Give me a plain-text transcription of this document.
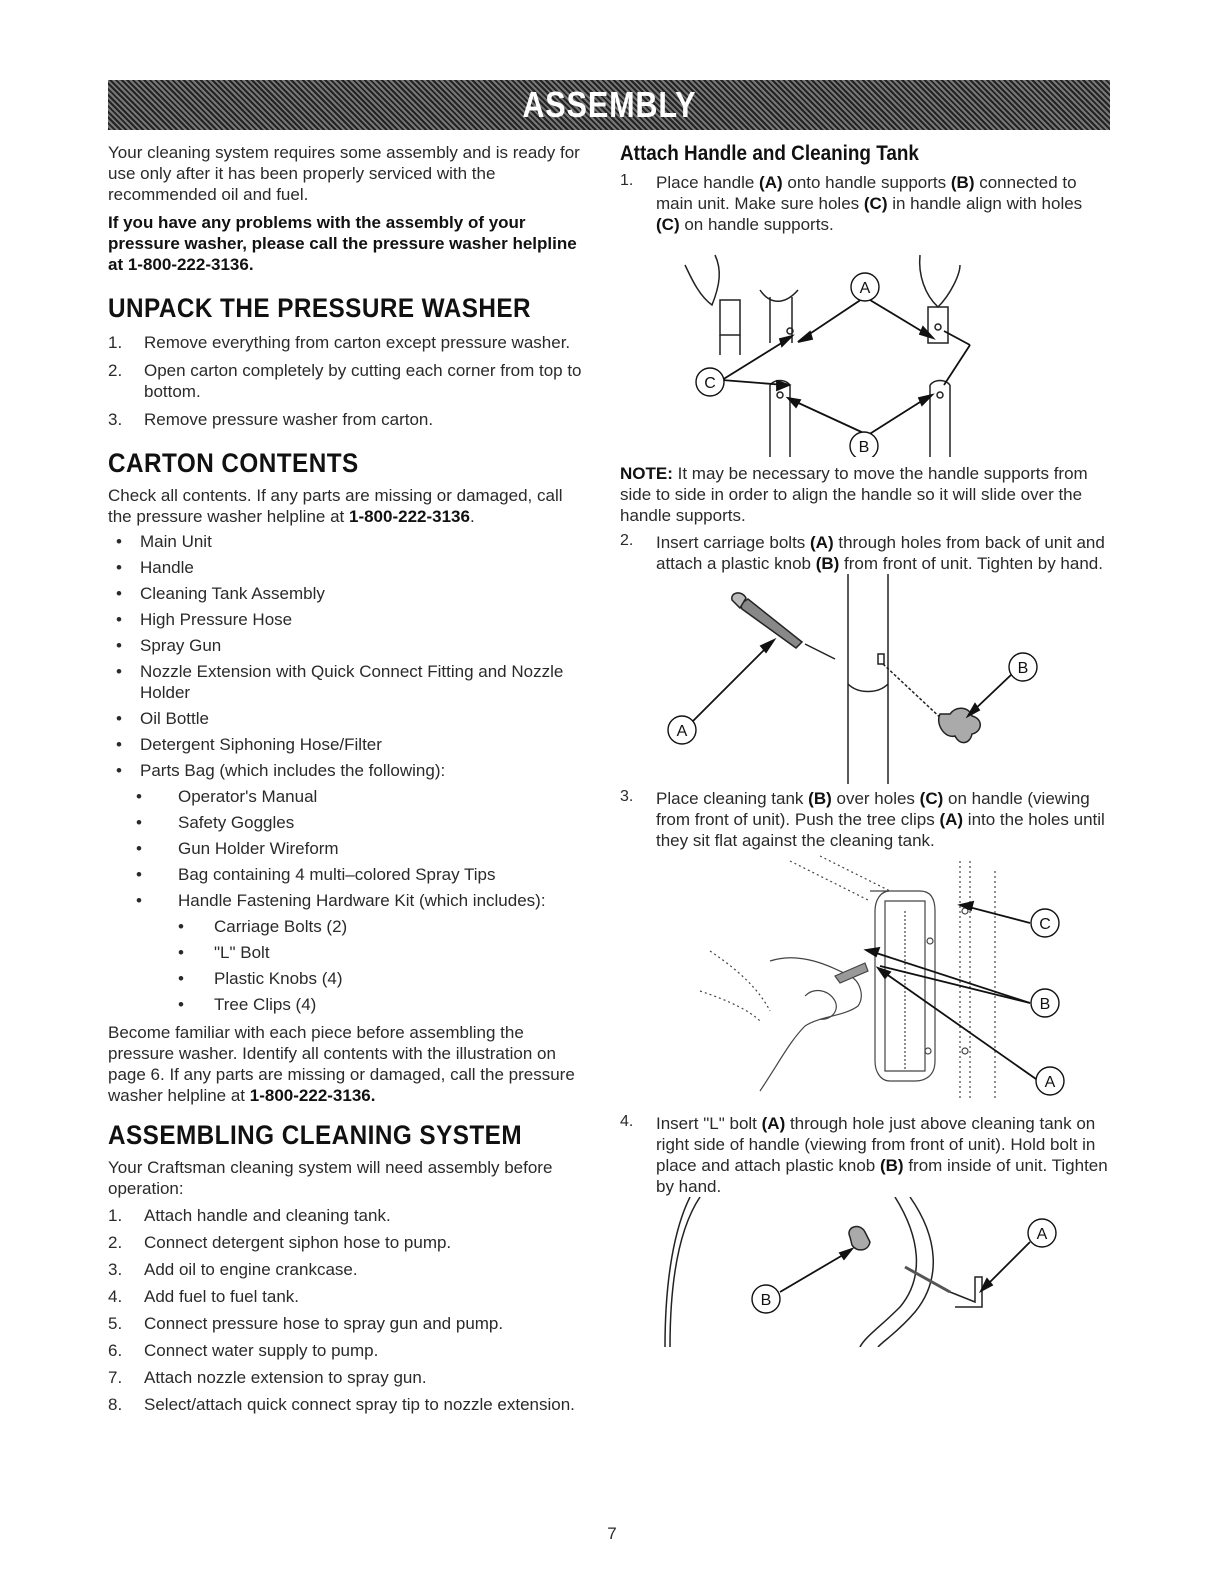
ASSEMBLY

Your cleaning system requires some assembly and is ready for use only after it has been properly serviced with the recommended oil and fuel.

If you have any problems with the assembly of your pressure washer, please call the pressure washer helpline at 1-800-222-3136.

UNPACK THE PRESSURE WASHER
1.	Remove everything from carton except pressure washer.
2.	Open carton completely by cutting each corner from top to bottom.
3.	Remove pressure washer from carton.
CARTON CONTENTS

Check all contents. If any parts are missing or damaged, call the pressure washer helpline at 1-800-222-3136.

•	Main Unit
•	Handle
•	Cleaning Tank Assembly
•	High Pressure Hose
•	Spray Gun
•	Nozzle Extension with Quick Connect Fitting and Nozzle Holder
•	Oil Bottle
•	Detergent Siphoning Hose/Filter
•	Parts Bag (which includes the following):
•	Operator's Manual
•	Safety Goggles
•	Gun Holder Wireform
•	Bag containing 4 multi–colored Spray Tips
•	Handle Fastening Hardware Kit (which includes):
•	Carriage Bolts (2)
•	"L" Bolt
•	Plastic Knobs (4)
•	Tree Clips (4)

Become familiar with each piece before assembling the pressure washer. Identify all contents with the illustration on page 6. If any parts are missing or damaged, call the pressure washer helpline at 1-800-222-3136.

ASSEMBLING CLEANING SYSTEM

Your Craftsman cleaning system will need assembly before operation:

1.	Attach handle and cleaning tank.
2.	Connect detergent siphon hose to pump.
3.	Add oil to engine crankcase.
4.	Add fuel to fuel tank.
5.	Connect pressure hose to spray gun and pump.
6.	Connect water supply to pump.
7.	Attach nozzle extension to spray gun.
8.	Select/attach quick connect spray tip to nozzle extension.
Attach Handle and Cleaning Tank
1.	Place handle (A) onto handle supports (B) connected to main unit. Make sure holes (C) in handle align with holes (C) on handle supports.

A
C
B

NOTE: It may be necessary to move the handle supports from side to side in order to align the handle so it will slide over the handle supports.

2.	Insert carriage bolts (A) through holes from back of unit and attach a plastic knob (B) from front of unit. Tighten by hand.

A
B
3.	Place cleaning tank (B) over holes (C) on handle (viewing from front of unit). Push the tree clips (A) into the holes until they sit flat against the cleaning tank.

C
B
A
4.	Insert "L" bolt (A) through hole just above cleaning tank on right side of handle (viewing from front of unit). Hold bolt in place and attach plastic knob (B) from inside of unit. Tighten by hand.

B
A
7
